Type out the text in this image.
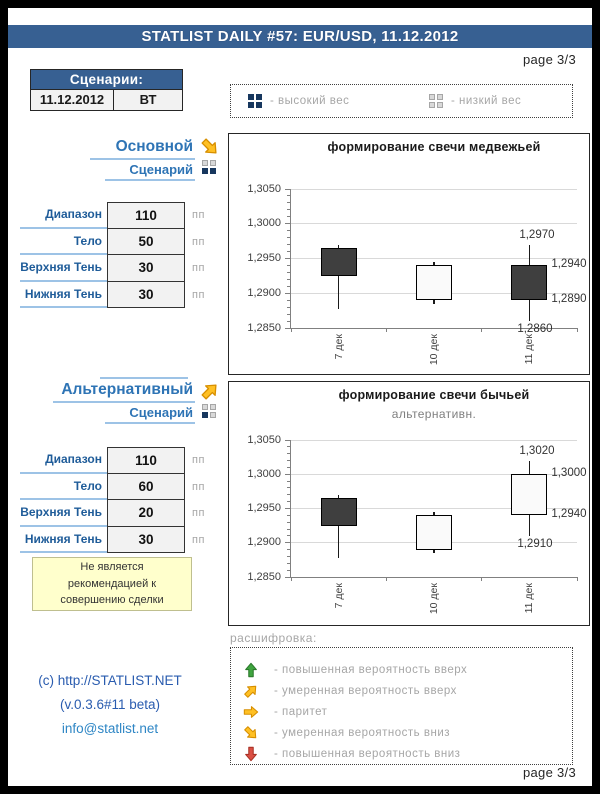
STATLIST DAILY #57: EUR/USD, 11.12.2012
page 3/3
Сценарии:
11.12.2012	ВТ	- высокий вес	- низкий вес
Основной
Сценарий
Диапазон	110	пп
Тело	50	пп
Верхняя Тень	30	пп
Нижняя Тень	30	пп
формирование свечи медвежьей
1,3050
1,3000
1,2950
1,2900
1,2850
7 дек	10 дек	11 дек
1,2970
1,2940
1,2890
1,2860
Альтернативный
Сценарий
Диапазон	110	пп
Тело	60	пп
Верхняя Тень	20	пп
Нижняя Тень	30	пп
формирование свечи бычьей
альтернативн.
1,3050
1,3000
1,2950
1,2900
1,2850
7 дек	10 дек	11 дек
1,3020
1,3000
1,2940
1,2910
Не является рекомендацией к совершению сделки
(c) http://STATLIST.NET
(v.0.3.6#11 beta)
info@statlist.net
расшифровка:
- повышенная вероятность вверх
- умеренная вероятность вверх
- паритет
- умеренная вероятность вниз
- повышенная вероятность вниз
page 3/3
